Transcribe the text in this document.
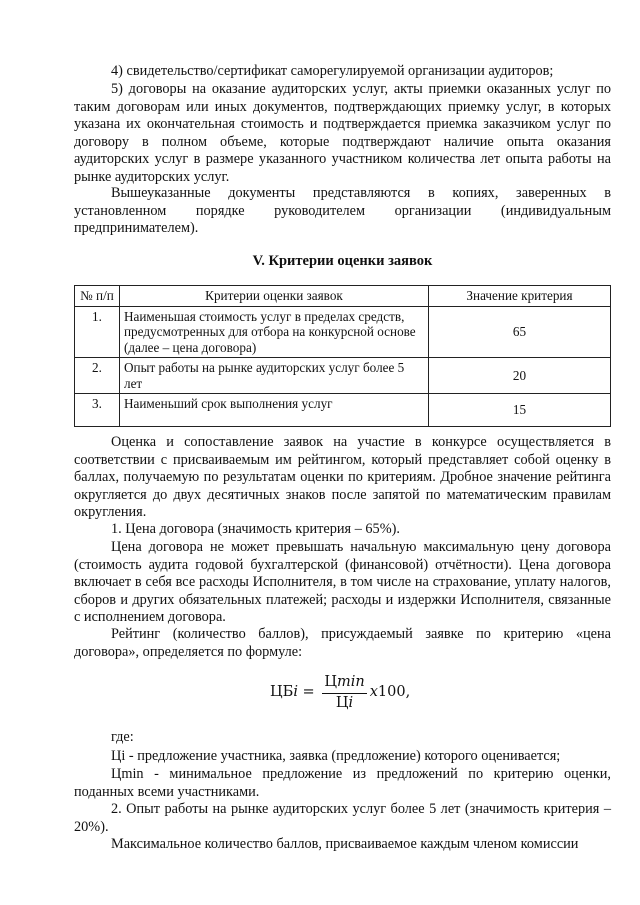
4) свидетельство/сертификат саморегулируемой организации аудиторов;

5) договоры на оказание аудиторских услуг, акты приемки оказанных услуг по таким договорам или иных документов, подтверждающих приемку услуг, в которых указана их окончательная стоимость и подтверждается приемка заказчиком услуг по договору в полном объеме, которые подтверждают наличие опыта оказания аудиторских услуг в размере указанного участником количества лет опыта работы на рынке аудиторских услуг.

Вышеуказанные документы представляются в копиях, заверенных в установленном порядке руководителем организации (индивидуальным предпринимателем).

V. Критерии оценки заявок

№ п/п	Критерии оценки заявок	Значение критерия
1.	Наименьшая стоимость услуг в пределах средств, предусмотренных для отбора на конкурсной основе (далее – цена договора)	65
2.	Опыт работы на рынке аудиторских услуг более 5 лет	20
3.	Наименьший срок выполнения услуг	15

Оценка и сопоставление заявок на участие в конкурсе осуществляется в соответствии с присваиваемым им рейтингом, который представляет собой оценку в баллах, получаемую по результатам оценки по критериям. Дробное значение рейтинга округляется до двух десятичных знаков после запятой по математическим правилам округления.

1. Цена договора (значимость критерия – 65%).

Цена договора не может превышать начальную максимальную цену договора (стоимость аудита годовой бухгалтерской (финансовой) отчётности). Цена договора включает в себя все расходы Исполнителя, в том числе на страхование, уплату налогов, сборов и других обязательных платежей; расходы и издержки Исполнителя, связанные с исполнением договора.

Рейтинг (количество баллов), присуждаемый заявке по критерию «цена договора», определяется по формуле:

ЦБ $i = \frac{Ц\min}{Цi}$ x 100,

где:

Цi - предложение участника, заявка (предложение) которого оценивается;

Цmin - минимальное предложение из предложений по критерию оценки, поданных всеми участниками.

2. Опыт работы на рынке аудиторских услуг более 5 лет (значимость критерия – 20%).

Максимальное количество баллов, присваиваемое каждым членом комиссии
